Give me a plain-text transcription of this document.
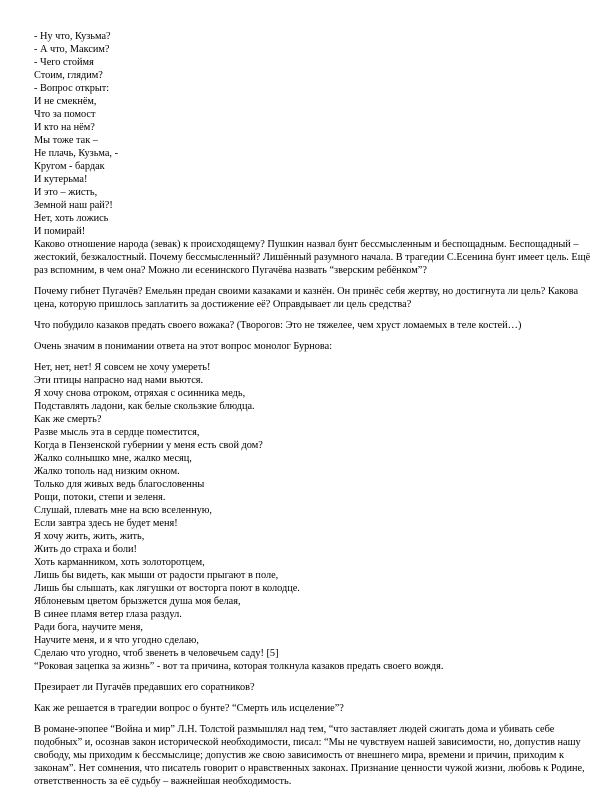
- Ну что, Кузьма?
- А что, Максим?
- Чего стоймя
Стоим, глядим?
- Вопрос открыт:
И не смекнём,
Что за помост
И кто на нём?
Мы тоже так –
Не плачь, Кузьма, -
Кругом - бардак
И кутерьма!
И это – жисть,
Земной наш рай?!
Нет, хоть ложись
И помирай!
Каково отношение народа (зевак) к происходящему? Пушкин назвал бунт бессмысленным и беспощадным. Беспощадный –
жестокий, безжалостный. Почему бессмысленный? Лишённый разумного начала. В трагедии С.Есенина бунт имеет цель. Ещё
раз вспомним, в чем она? Можно ли есенинского Пугачёва назвать “зверским ребёнком”?
Почему гибнет Пугачёв? Емельян предан своими казаками и казнён. Он принёс себя жертву, но достигнута ли цель? Какова
цена, которую пришлось заплатить за достижение её? Оправдывает ли цель средства?
Что побудило казаков предать своего вожака? (Творогов: Это не тяжелее, чем хруст ломаемых в теле костей…)
Очень значим в понимании ответа на этот вопрос монолог Бурнова:
Нет, нет, нет! Я совсем не хочу умереть!
Эти птицы напрасно над нами вьются.
Я хочу снова отроком, отряхая с осинника медь,
Подставлять ладони, как белые скользкие блюдца.
Как же смерть?
Разве мысль эта в сердце поместится,
Когда в Пензенской губернии у меня есть свой дом?
Жалко солнышко мне, жалко месяц,
Жалко тополь над низким окном.
Только для живых ведь благословенны
Рощи, потоки, степи и зеленя.
Слушай, плевать мне на всю вселенную,
Если завтра здесь не будет меня!
Я хочу жить, жить, жить,
Жить до страха и боли!
Хоть карманником, хоть золоторотцем,
Лишь бы видеть, как мыши от радости прыгают в поле,
Лишь бы слышать, как лягушки от восторга поют в колодце.
Яблоневым цветом брызжется душа моя белая,
В синее пламя ветер глаза раздул.
Ради бога, научите меня,
Научите меня, и я что угодно сделаю,
Сделаю что угодно, чтоб звенеть в человечьем саду! [5]
“Роковая зацепка за жизнь” - вот та причина, которая толкнула казаков предать своего вождя.
Презирает ли Пугачёв предавших его соратников?
Как же решается в трагедии вопрос о бунте? “Смерть иль исцеление”?
В романе-эпопее “Война и мир” Л.Н. Толстой размышлял над тем, “что заставляет людей сжигать дома и убивать себе
подобных” и, осознав закон исторической необходимости, писал: “Мы не чувствуем нашей зависимости, но, допустив нашу
свободу, мы приходим к бессмыслице; допустив же свою зависимость от внешнего мира, времени и причин, приходим к
законам”. Нет сомнения, что писатель говорит о нравственных законах. Признание ценности чужой жизни, любовь к Родине,
ответственность за её судьбу – важнейшая необходимость.
